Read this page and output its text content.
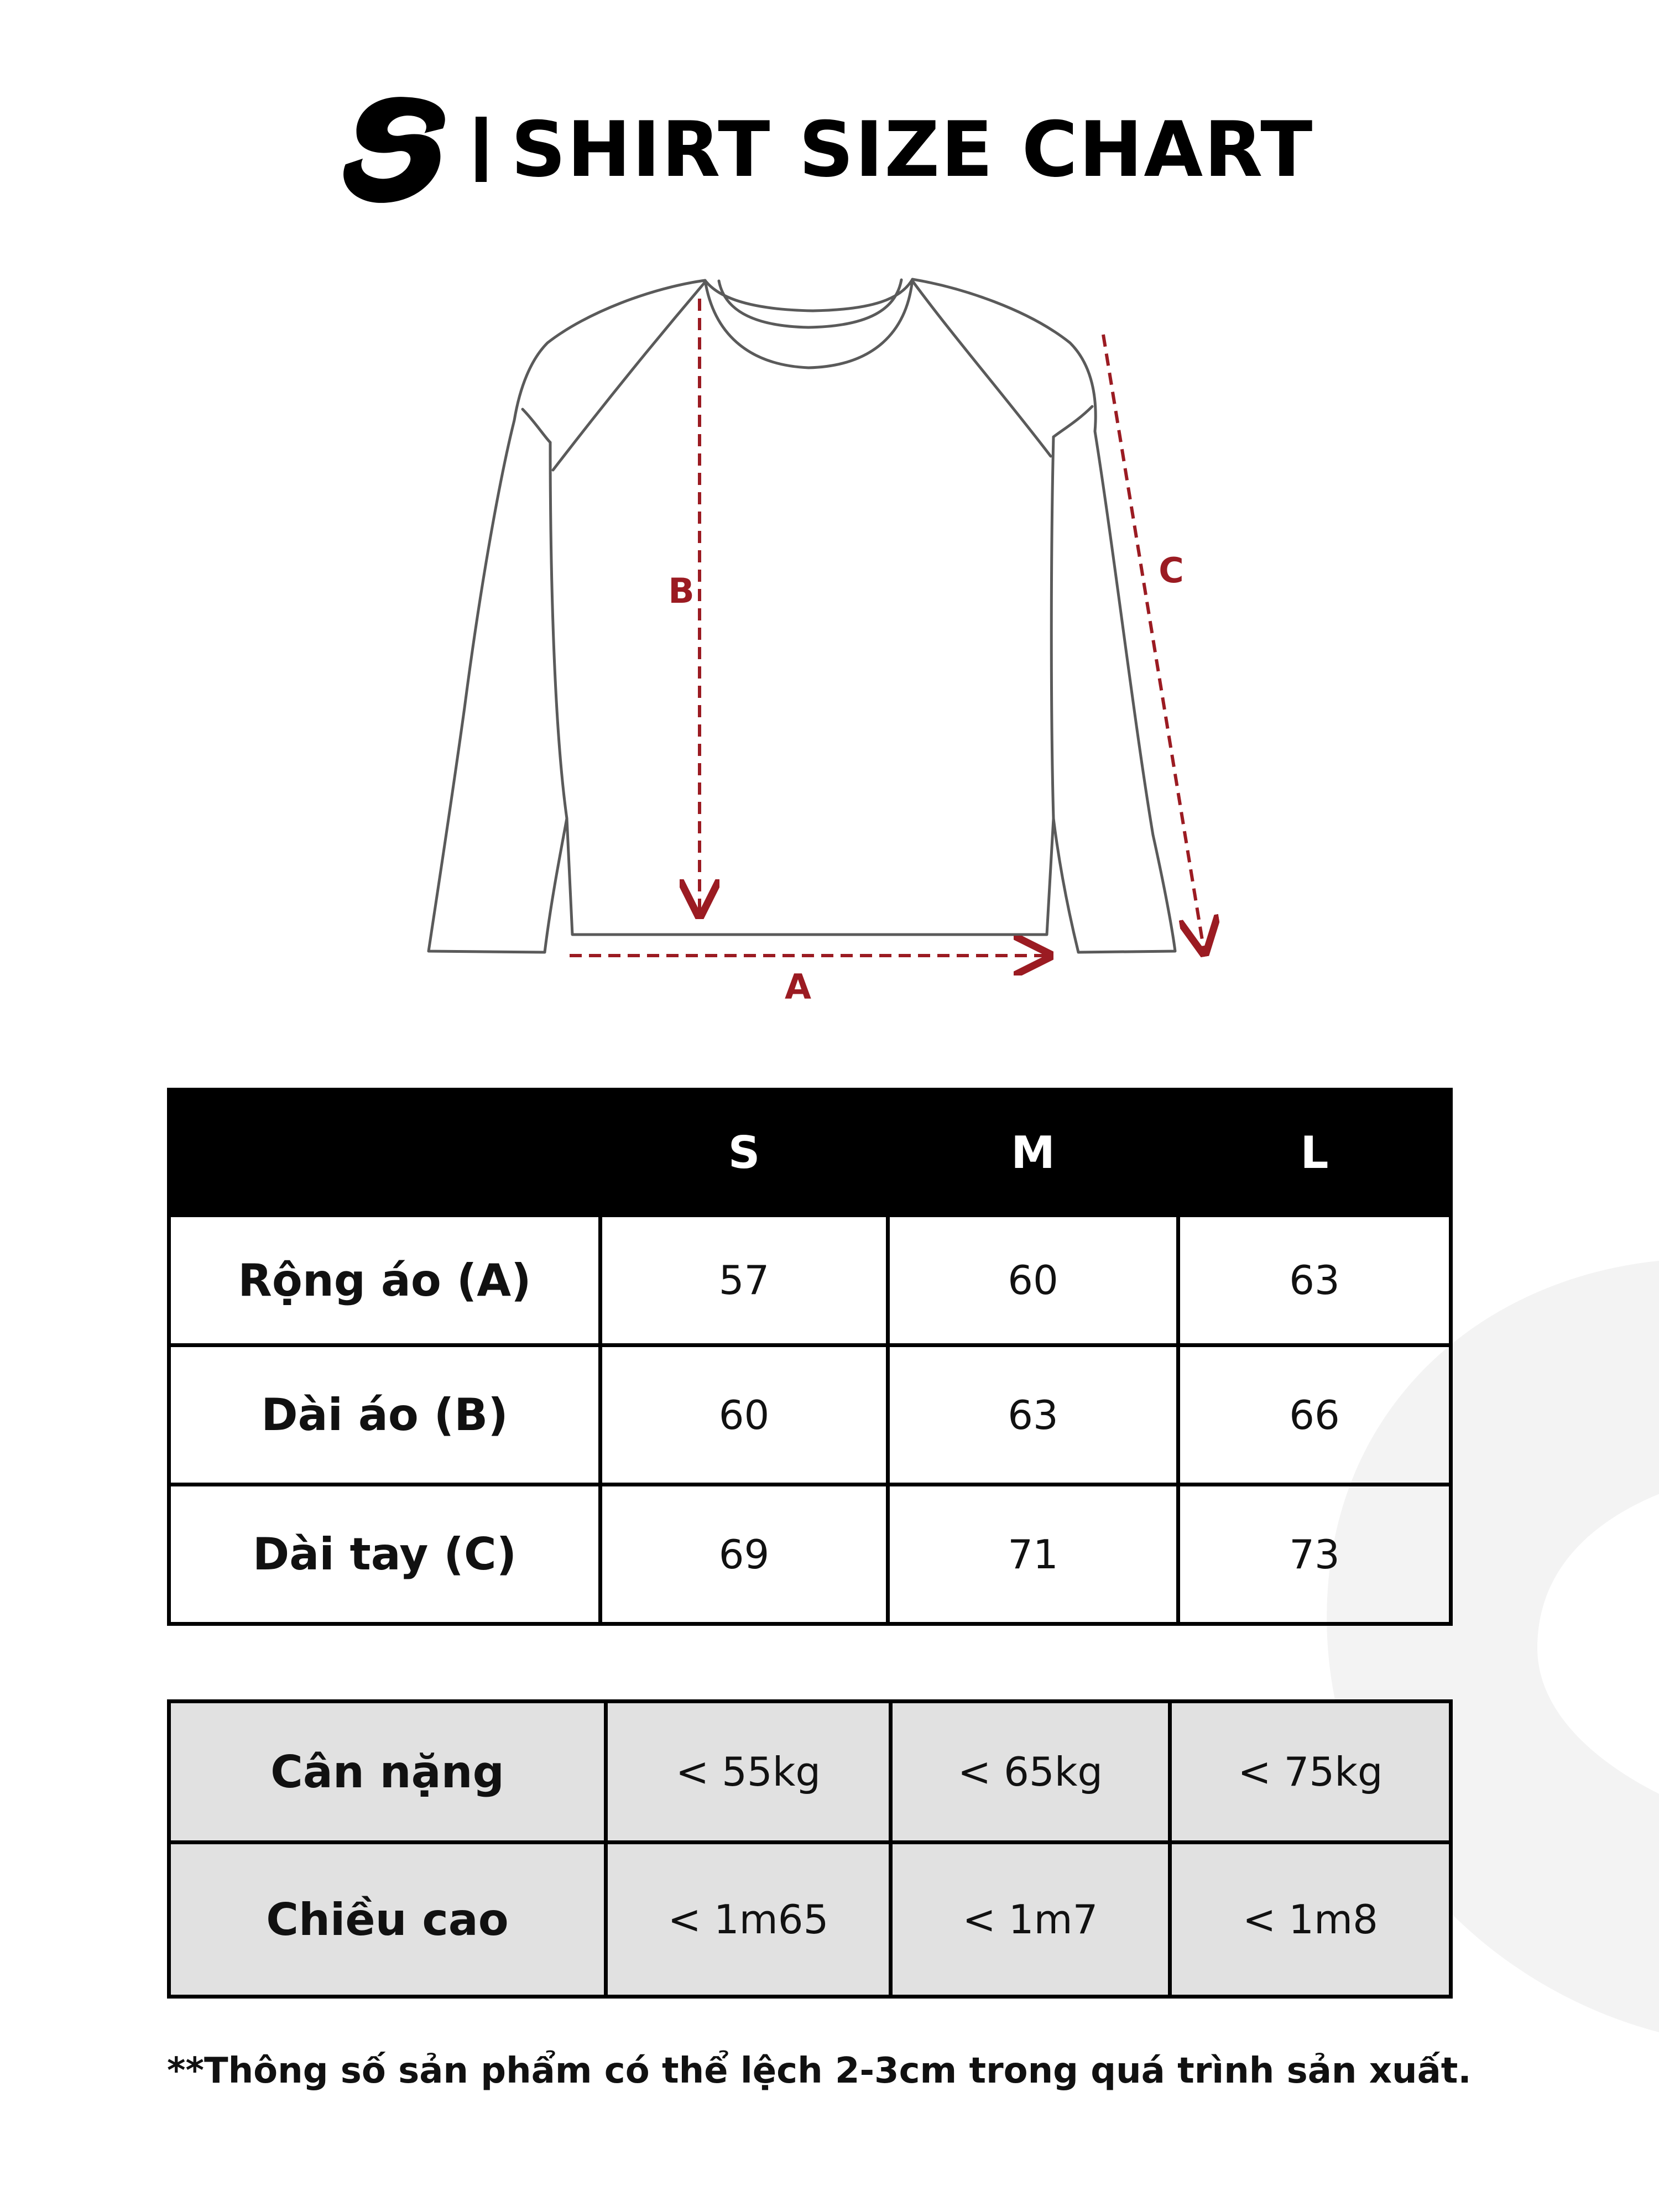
SHIRT SIZE CHART
B
A
C
	S	M	L
Rộng áo (A)	57	60	63
Dài áo (B)	60	63	66
Dài tay (C)	69	71	73
Cân nặng	< 55kg	< 65kg	< 75kg
Chiều cao	< 1m65	< 1m7	< 1m8
**Thông số sản phẩm có thể lệch 2-3cm trong quá trình sản xuất.
